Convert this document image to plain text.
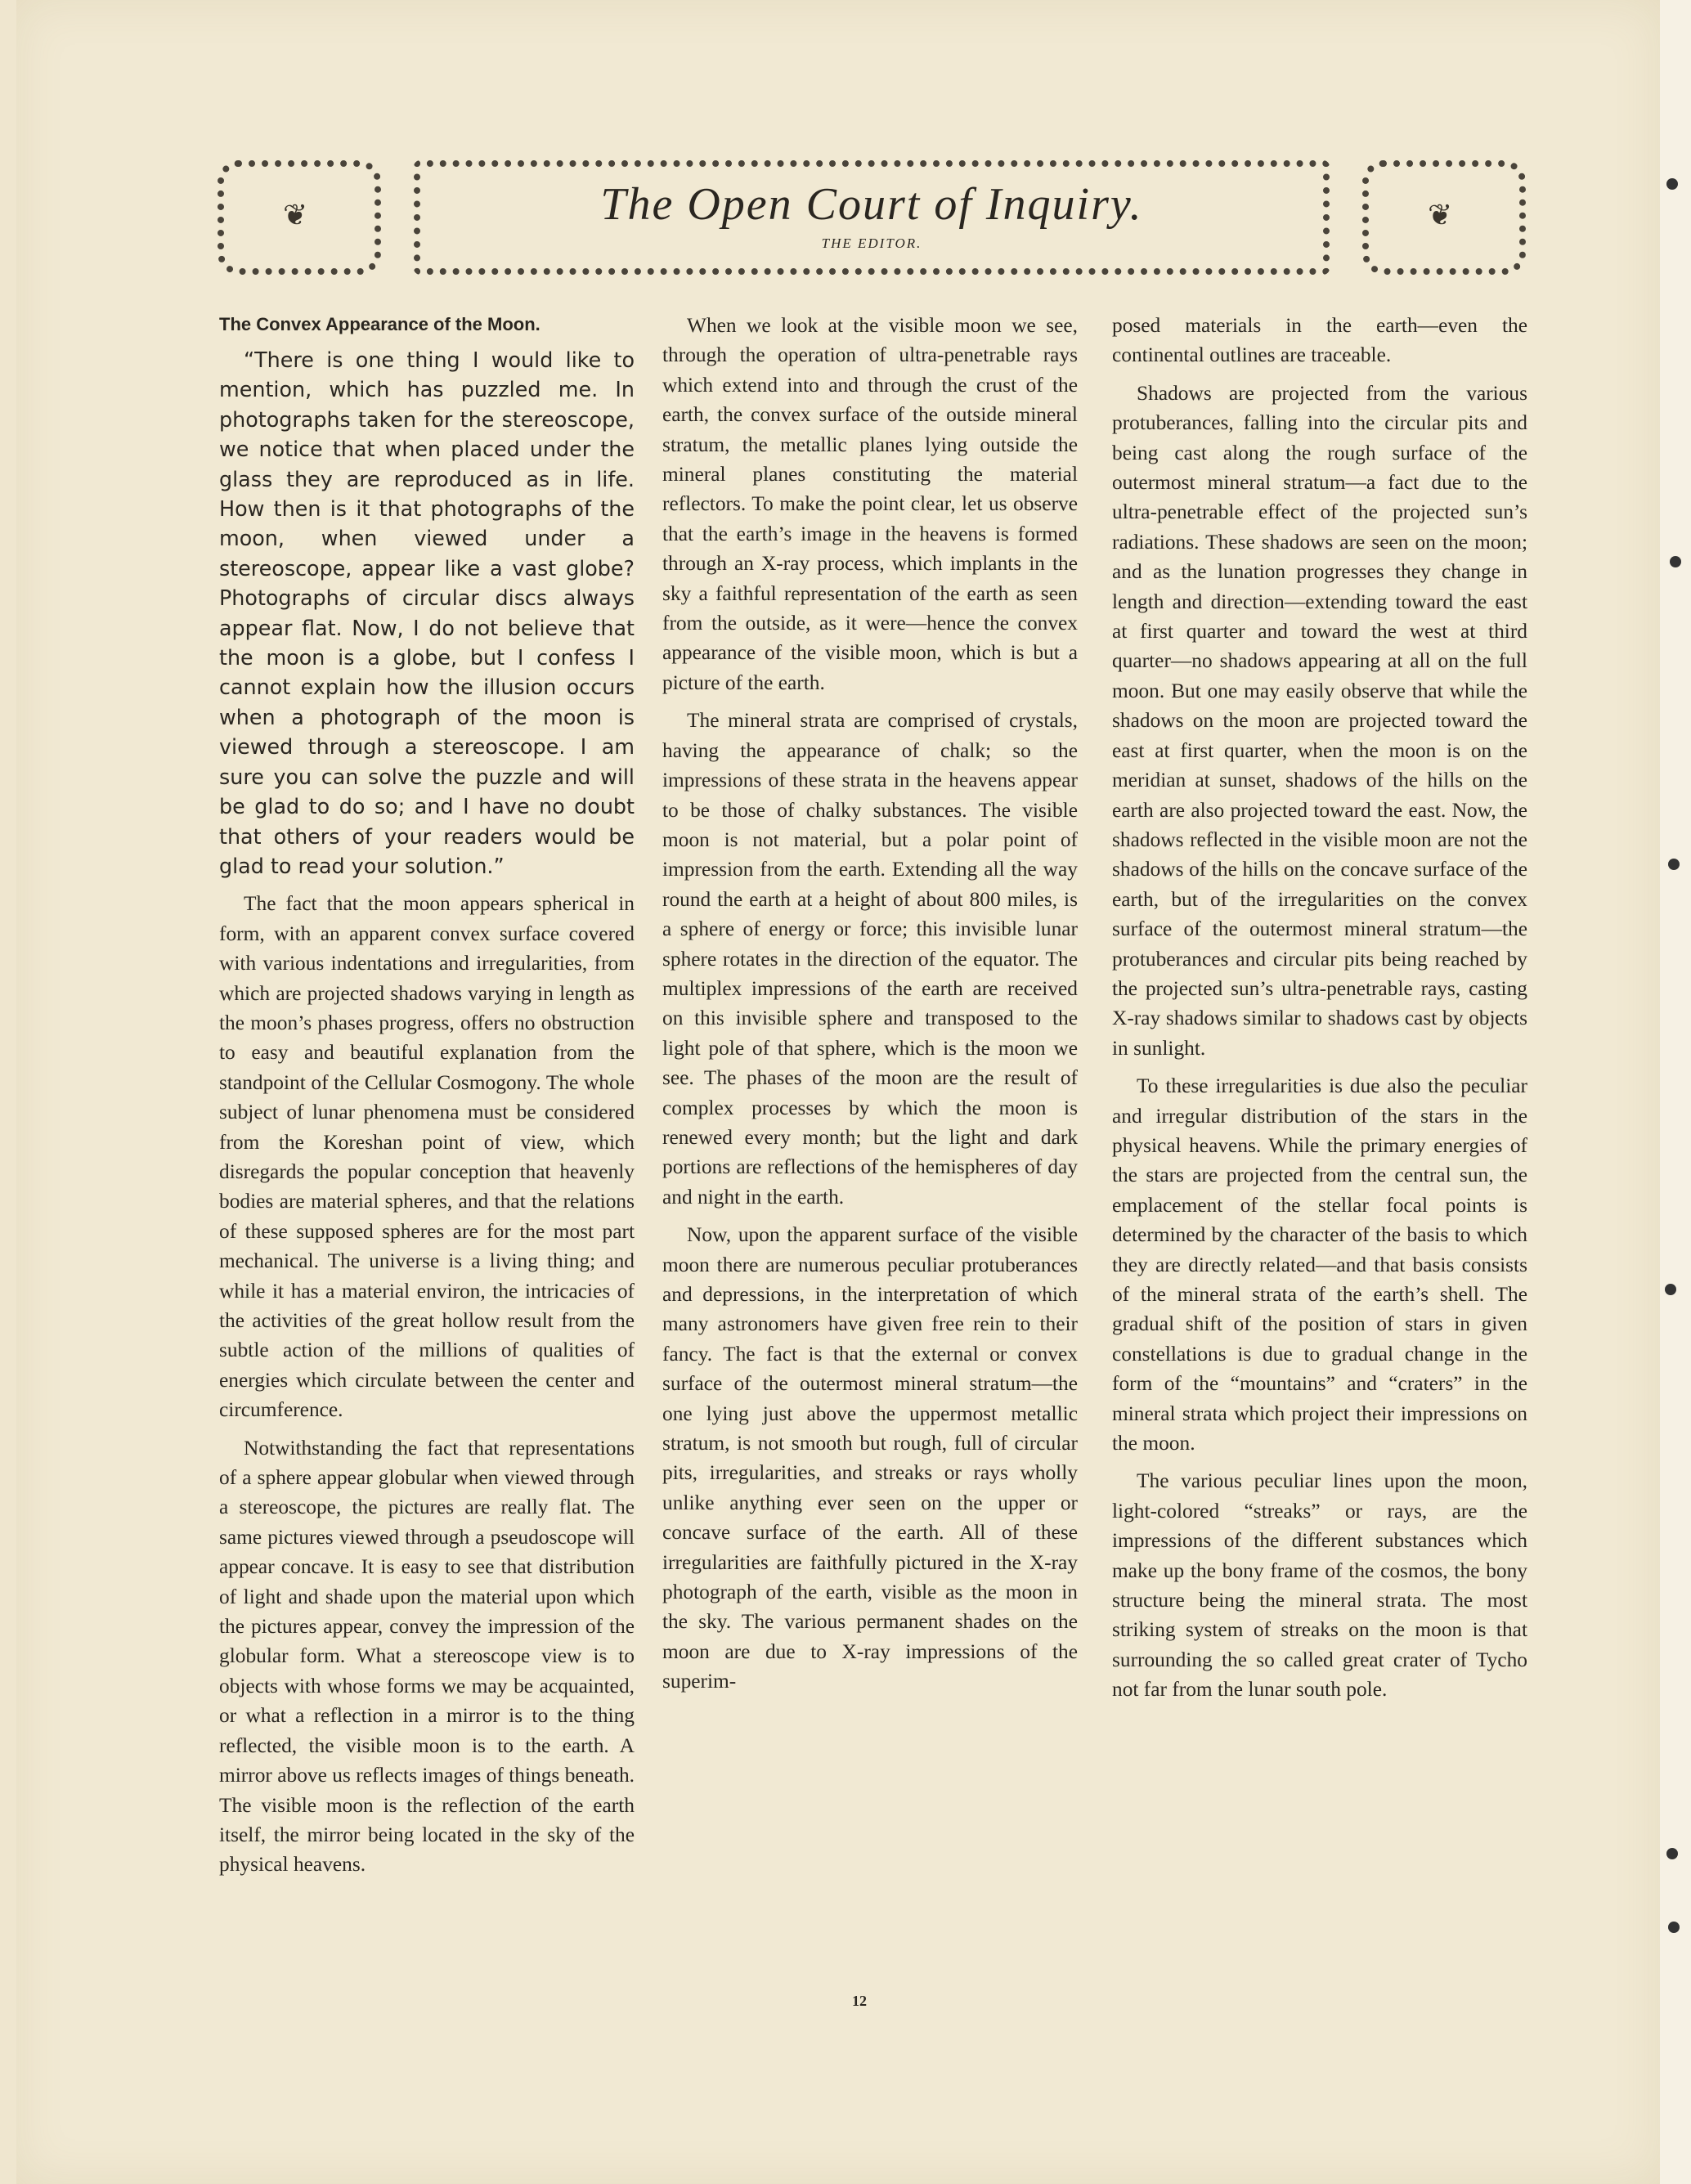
❦	The Open Court of Inquiry.
THE EDITOR.
❦
The Convex Appearance of the Moon.

“There is one thing I would like to mention, which has puzzled me. In photographs taken for the stereoscope, we notice that when placed under the glass they are reproduced as in life. How then is it that photographs of the moon, when viewed under a stereoscope, appear like a vast globe? Photographs of circular discs always appear flat. Now, I do not believe that the moon is a globe, but I confess I cannot explain how the illusion occurs when a photograph of the moon is viewed through a stereoscope. I am sure you can solve the puzzle and will be glad to do so; and I have no doubt that others of your readers would be glad to read your solution.”

The fact that the moon appears spherical in form, with an apparent convex surface covered with various indentations and irregularities, from which are projected shadows varying in length as the moon’s phases progress, offers no obstruction to easy and beautiful explanation from the standpoint of the Cellular Cosmogony. The whole subject of lunar phenomena must be considered from the Koreshan point of view, which disregards the popular conception that heavenly bodies are material spheres, and that the relations of these supposed spheres are for the most part mechanical. The universe is a living thing; and while it has a material environ, the intricacies of the activities of the great hollow result from the subtle action of the millions of qualities of energies which circulate between the center and circumference.

Notwithstanding the fact that representations of a sphere appear globular when viewed through a stereoscope, the pictures are really flat. The same pictures viewed through a pseudoscope will appear concave. It is easy to see that distribution of light and shade upon the material upon which the pictures appear, convey the impression of the globular form. What a stereoscope view is to objects with whose forms we may be acquainted, or what a reflection in a mirror is to the thing reflected, the visible moon is to the earth. A mirror above us reflects images of things beneath. The visible moon is the reflection of the earth itself, the mirror being located in the sky of the physical heavens.

When we look at the visible moon we see, through the operation of ultra-penetrable rays which extend into and through the crust of the earth, the convex surface of the outside mineral stratum, the metallic planes lying outside the mineral planes constituting the material reflectors. To make the point clear, let us observe that the earth’s image in the heavens is formed through an X-ray process, which implants in the sky a faithful representation of the earth as seen from the outside, as it were—hence the convex appearance of the visible moon, which is but a picture of the earth.

The mineral strata are comprised of crystals, having the appearance of chalk; so the impressions of these strata in the heavens appear to be those of chalky substances. The visible moon is not material, but a polar point of impression from the earth. Extending all the way round the earth at a height of about 800 miles, is a sphere of energy or force; this invisible lunar sphere rotates in the direction of the equator. The multiplex impressions of the earth are received on this invisible sphere and transposed to the light pole of that sphere, which is the moon we see. The phases of the moon are the result of complex processes by which the moon is renewed every month; but the light and dark portions are reflections of the hemispheres of day and night in the earth.

Now, upon the apparent surface of the visible moon there are numerous peculiar protuberances and depressions, in the interpretation of which many astronomers have given free rein to their fancy. The fact is that the external or convex surface of the outermost mineral stratum—the one lying just above the uppermost metallic stratum, is not smooth but rough, full of circular pits, irregularities, and streaks or rays wholly unlike anything ever seen on the upper or concave surface of the earth. All of these irregularities are faithfully pictured in the X-ray photograph of the earth, visible as the moon in the sky. The various permanent shades on the moon are due to X-ray impressions of the superim-

posed materials in the earth—even the continental outlines are traceable.

Shadows are projected from the various protuberances, falling into the circular pits and being cast along the rough surface of the outermost mineral stratum—a fact due to the ultra-penetrable effect of the projected sun’s radiations. These shadows are seen on the moon; and as the lunation progresses they change in length and direction—extending toward the east at first quarter and toward the west at third quarter—no shadows appearing at all on the full moon. But one may easily observe that while the shadows on the moon are projected toward the east at first quarter, when the moon is on the meridian at sunset, shadows of the hills on the earth are also projected toward the east. Now, the shadows reflected in the visible moon are not the shadows of the hills on the concave surface of the earth, but of the irregularities on the convex surface of the outermost mineral stratum—the protuberances and circular pits being reached by the projected sun’s ultra-penetrable rays, casting X-ray shadows similar to shadows cast by objects in sunlight.

To these irregularities is due also the peculiar and irregular distribution of the stars in the physical heavens. While the primary energies of the stars are projected from the central sun, the emplacement of the stellar focal points is determined by the character of the basis to which they are directly related—and that basis consists of the mineral strata of the earth’s shell. The gradual shift of the position of stars in given constellations is due to gradual change in the form of the “mountains” and “craters” in the mineral strata which project their impressions on the moon.

The various peculiar lines upon the moon, light-colored “streaks” or rays, are the impressions of the different substances which make up the bony frame of the cosmos, the bony structure being the mineral strata. The most striking system of streaks on the moon is that surrounding the so called great crater of Tycho not far from the lunar south pole.

12
